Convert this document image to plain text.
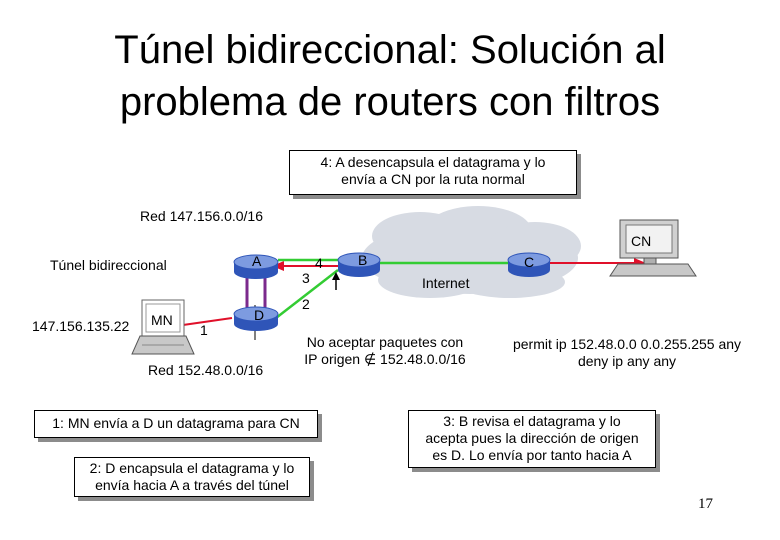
Túnel bidireccional: Solución al
problema de routers con filtros
4: A desencapsula el datagrama y lo
envía a CN por la ruta normal
Red 147.156.0.0/16
CN
Túnel bidireccional	A
3
4	B	C
Internet
2
147.156.135.22 MN
1
D
Red 152.48.0.0/16
No aceptar paquetes con
IP origen ∉ 152.48.0.0/16
permit ip 152.48.0.0 0.0.255.255 any
deny ip any any
1: MN envía a D un datagrama para CN
2: D encapsula el datagrama y lo
envía hacia A a través del túnel
3: B revisa el datagrama y lo
acepta pues la dirección de origen
es D. Lo envía por tanto hacia A
17
